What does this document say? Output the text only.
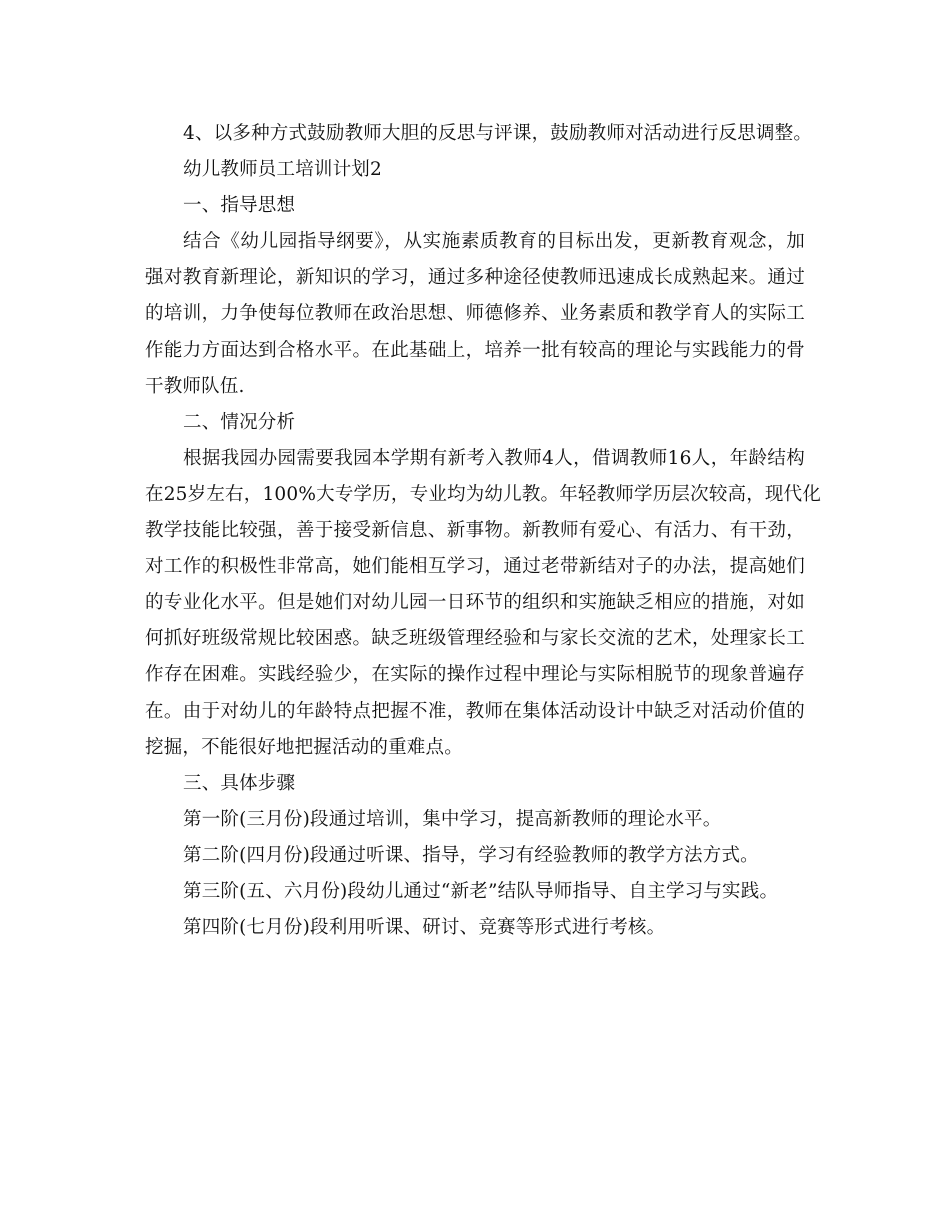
4、以多种方式鼓励教师大胆的反思与评课，鼓励教师对活动进行反思调整。
幼儿教师员工培训计划2
一、指导思想
结合《幼儿园指导纲要》，从实施素质教育的目标出发，更新教育观念，加
强对教育新理论，新知识的学习，通过多种途径使教师迅速成长成熟起来。通过
的培训，力争使每位教师在政治思想、师德修养、业务素质和教学育人的实际工
作能力方面达到合格水平。在此基础上，培养一批有较高的理论与实践能力的骨
干教师队伍.
二、情况分析
根据我园办园需要我园本学期有新考入教师4人，借调教师16人，年龄结构
在25岁左右，100%大专学历，专业均为幼儿教。年轻教师学历层次较高，现代化
教学技能比较强，善于接受新信息、新事物。新教师有爱心、有活力、有干劲，
对工作的积极性非常高，她们能相互学习，通过老带新结对子的办法，提高她们
的专业化水平。但是她们对幼儿园一日环节的组织和实施缺乏相应的措施，对如
何抓好班级常规比较困惑。缺乏班级管理经验和与家长交流的艺术，处理家长工
作存在困难。实践经验少，在实际的操作过程中理论与实际相脱节的现象普遍存
在。由于对幼儿的年龄特点把握不准，教师在集体活动设计中缺乏对活动价值的
挖掘，不能很好地把握活动的重难点。
三、具体步骤
第一阶(三月份)段通过培训，集中学习，提高新教师的理论水平。
第二阶(四月份)段通过听课、指导，学习有经验教师的教学方法方式。
第三阶(五、六月份)段幼儿通过“新老”结队导师指导、自主学习与实践。
第四阶(七月份)段利用听课、研讨、竞赛等形式进行考核。
